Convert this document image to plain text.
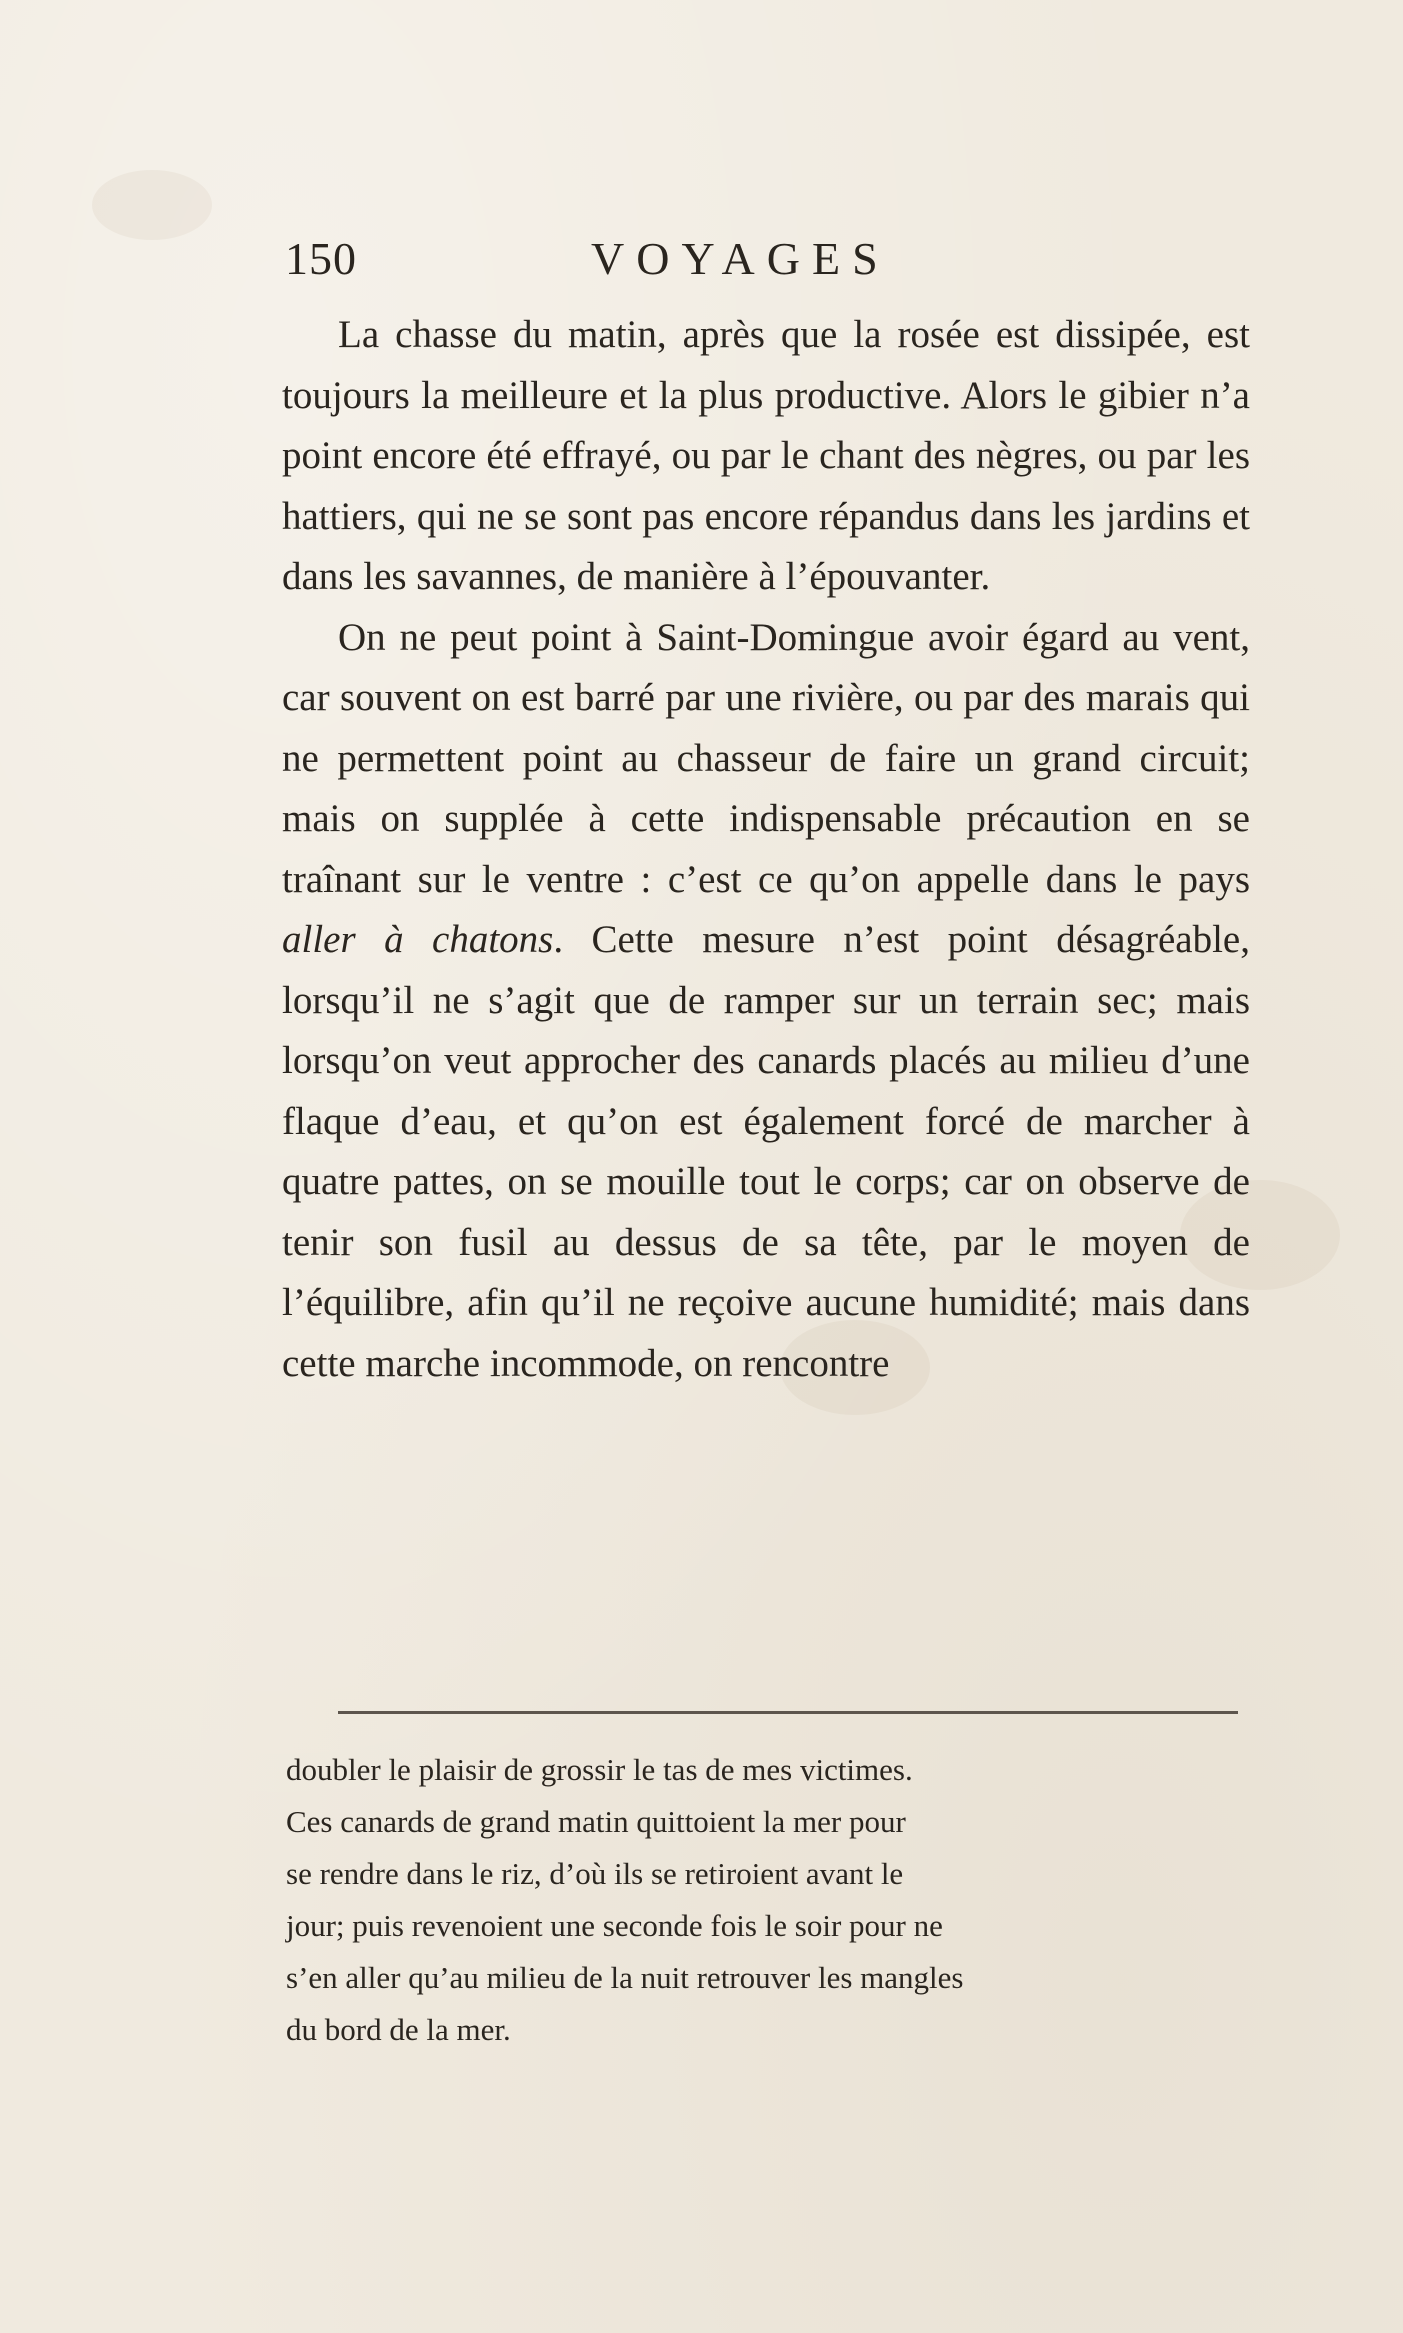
150	VOYAGES

La chasse du matin, après que la rosée est dissipée, est toujours la meilleure et la plus productive. Alors le gibier n’a point encore été effrayé, ou par le chant des nègres, ou par les hattiers, qui ne se sont pas encore répandus dans les jardins et dans les savannes, de manière à l’épouvanter.

On ne peut point à Saint-Domingue avoir égard au vent, car souvent on est barré par une rivière, ou par des marais qui ne permettent point au chasseur de faire un grand circuit; mais on supplée à cette indispensable précaution en se traînant sur le ventre : c’est ce qu’on appelle dans le pays aller à chatons. Cette mesure n’est point désagréable, lorsqu’il ne s’agit que de ramper sur un terrain sec; mais lorsqu’on veut approcher des canards placés au milieu d’une flaque d’eau, et qu’on est également forcé de marcher à quatre pattes, on se mouille tout le corps; car on observe de tenir son fusil au dessus de sa tête, par le moyen de l’équilibre, afin qu’il ne reçoive aucune humidité; mais dans cette marche incommode, on rencontre

doubler le plaisir de grossir le tas de mes victimes.
Ces canards de grand matin quittoient la mer pour
se rendre dans le riz, d’où ils se retiroient avant le
jour; puis revenoient une seconde fois le soir pour ne
s’en aller qu’au milieu de la nuit retrouver les mangles
du bord de la mer.
